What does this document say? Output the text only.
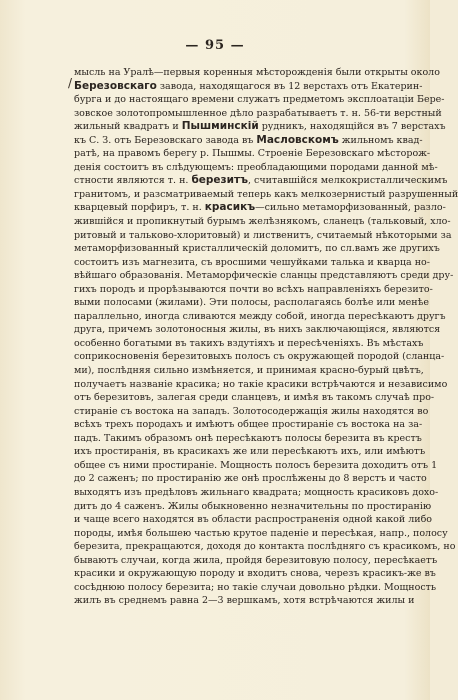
— 95 —
/
мысль на Уралѣ—первыя коренныя мѣсторожденія были открыты около
Березовскаго завода, находящагося въ 12 верстахъ отъ Екатерин-
бурга и до настоящаго времени служатъ предметомъ эксплоатаціи Бере-
зовское золотопромышленное дѣло разрабатываетъ т. н. 56-ти верстный
жильный квадратъ и Пышминскій рудникъ, находящійся въ 7 верстахъ
къ С. З. отъ Березовскаго завода въ Масловскомъ жильномъ квад-
ратѣ, на правомъ берегу р. Пышмы. Строеніе Березовскаго мѣсторож-
денія состоитъ въ слѣдующемъ: преобладающими породами данной мѣ-
стности являются т. н. березитъ, считавшійся мелкокристаллическимъ
гранитомъ, и разсматриваемый теперь какъ мелкозернистый разрушенный
кварцевый порфиръ, т. н. красикъ—сильно метаморфизованный, разло-
жившійся и пропикнутый бурымъ желѣзнякомъ, сланецъ (тальковый, хло-
ритовый и тальково-хлоритовый) и лиственитъ, считаемый нѣкоторыми за
метаморфизованный кристаллическій доломитъ, по сл.вамъ же другихъ
состоитъ изъ магнезита, съ вросшими чешуйками талька и кварца но-
вѣйшаго образованія. Метаморфическіе сланцы представляютъ среди дру-
гихъ породъ и прорѣзываются почти во всѣхъ направленіяхъ березито-
выми полосами (жилами). Эти полосы, располагаясь болѣе или менѣе
параллельно, иногда сливаются между собой, иногда пересѣкаютъ другъ
друга, причемъ золотоносныя жилы, въ нихъ заключающіяся, являются
особенно богатыми въ такихъ вздутіяхъ и пересѣченіяхъ. Въ мѣстахъ
соприкосновенія березитовыхъ полосъ съ окружающей породой (сланца-
ми), послѣдняя сильно измѣняется, и принимая красно-бурый цвѣтъ,
получаетъ названіе красика; но такіе красики встрѣчаются и независимо
отъ березитовъ, залегая среди сланцевъ, и имѣя въ такомъ случаѣ про-
стираніе съ востока на западъ. Золотосодержащія жилы находятся во
всѣхъ трехъ породахъ и имѣютъ общее простираніе съ востока на за-
падъ. Такимъ образомъ онѣ пересѣкаютъ полосы березита въ крестъ
ихъ простиранія, въ красикахъ же или пересѣкаютъ ихъ, или имѣютъ
общее съ ними простираніе. Мощность полосъ березита доходитъ отъ 1
до 2 саженъ; по простиранію же онѣ прослѣжены до 8 верстъ и часто
выходятъ изъ предѣловъ жильнаго квадрата; мощность красиковъ дохо-
дитъ до 4 саженъ. Жилы обыкновенно незначительны по простиранію
и чаще всего находятся въ области распространенія одной какой либо
породы, имѣя большею частью крутое паденіе и пересѣкая, напр., полосу
березита, прекращаются, доходя до контакта послѣдняго съ красикомъ, но
бываютъ случаи, когда жила, пройдя березитовую полосу, пересѣкаетъ
красики и окружающую породу и входитъ снова, черезъ красикъ-же въ
сосѣднюю полосу березита; но такіе случаи довольно рѣдки. Мощность
жилъ въ среднемъ равна 2—3 вершкамъ, хотя встрѣчаются жилы и
